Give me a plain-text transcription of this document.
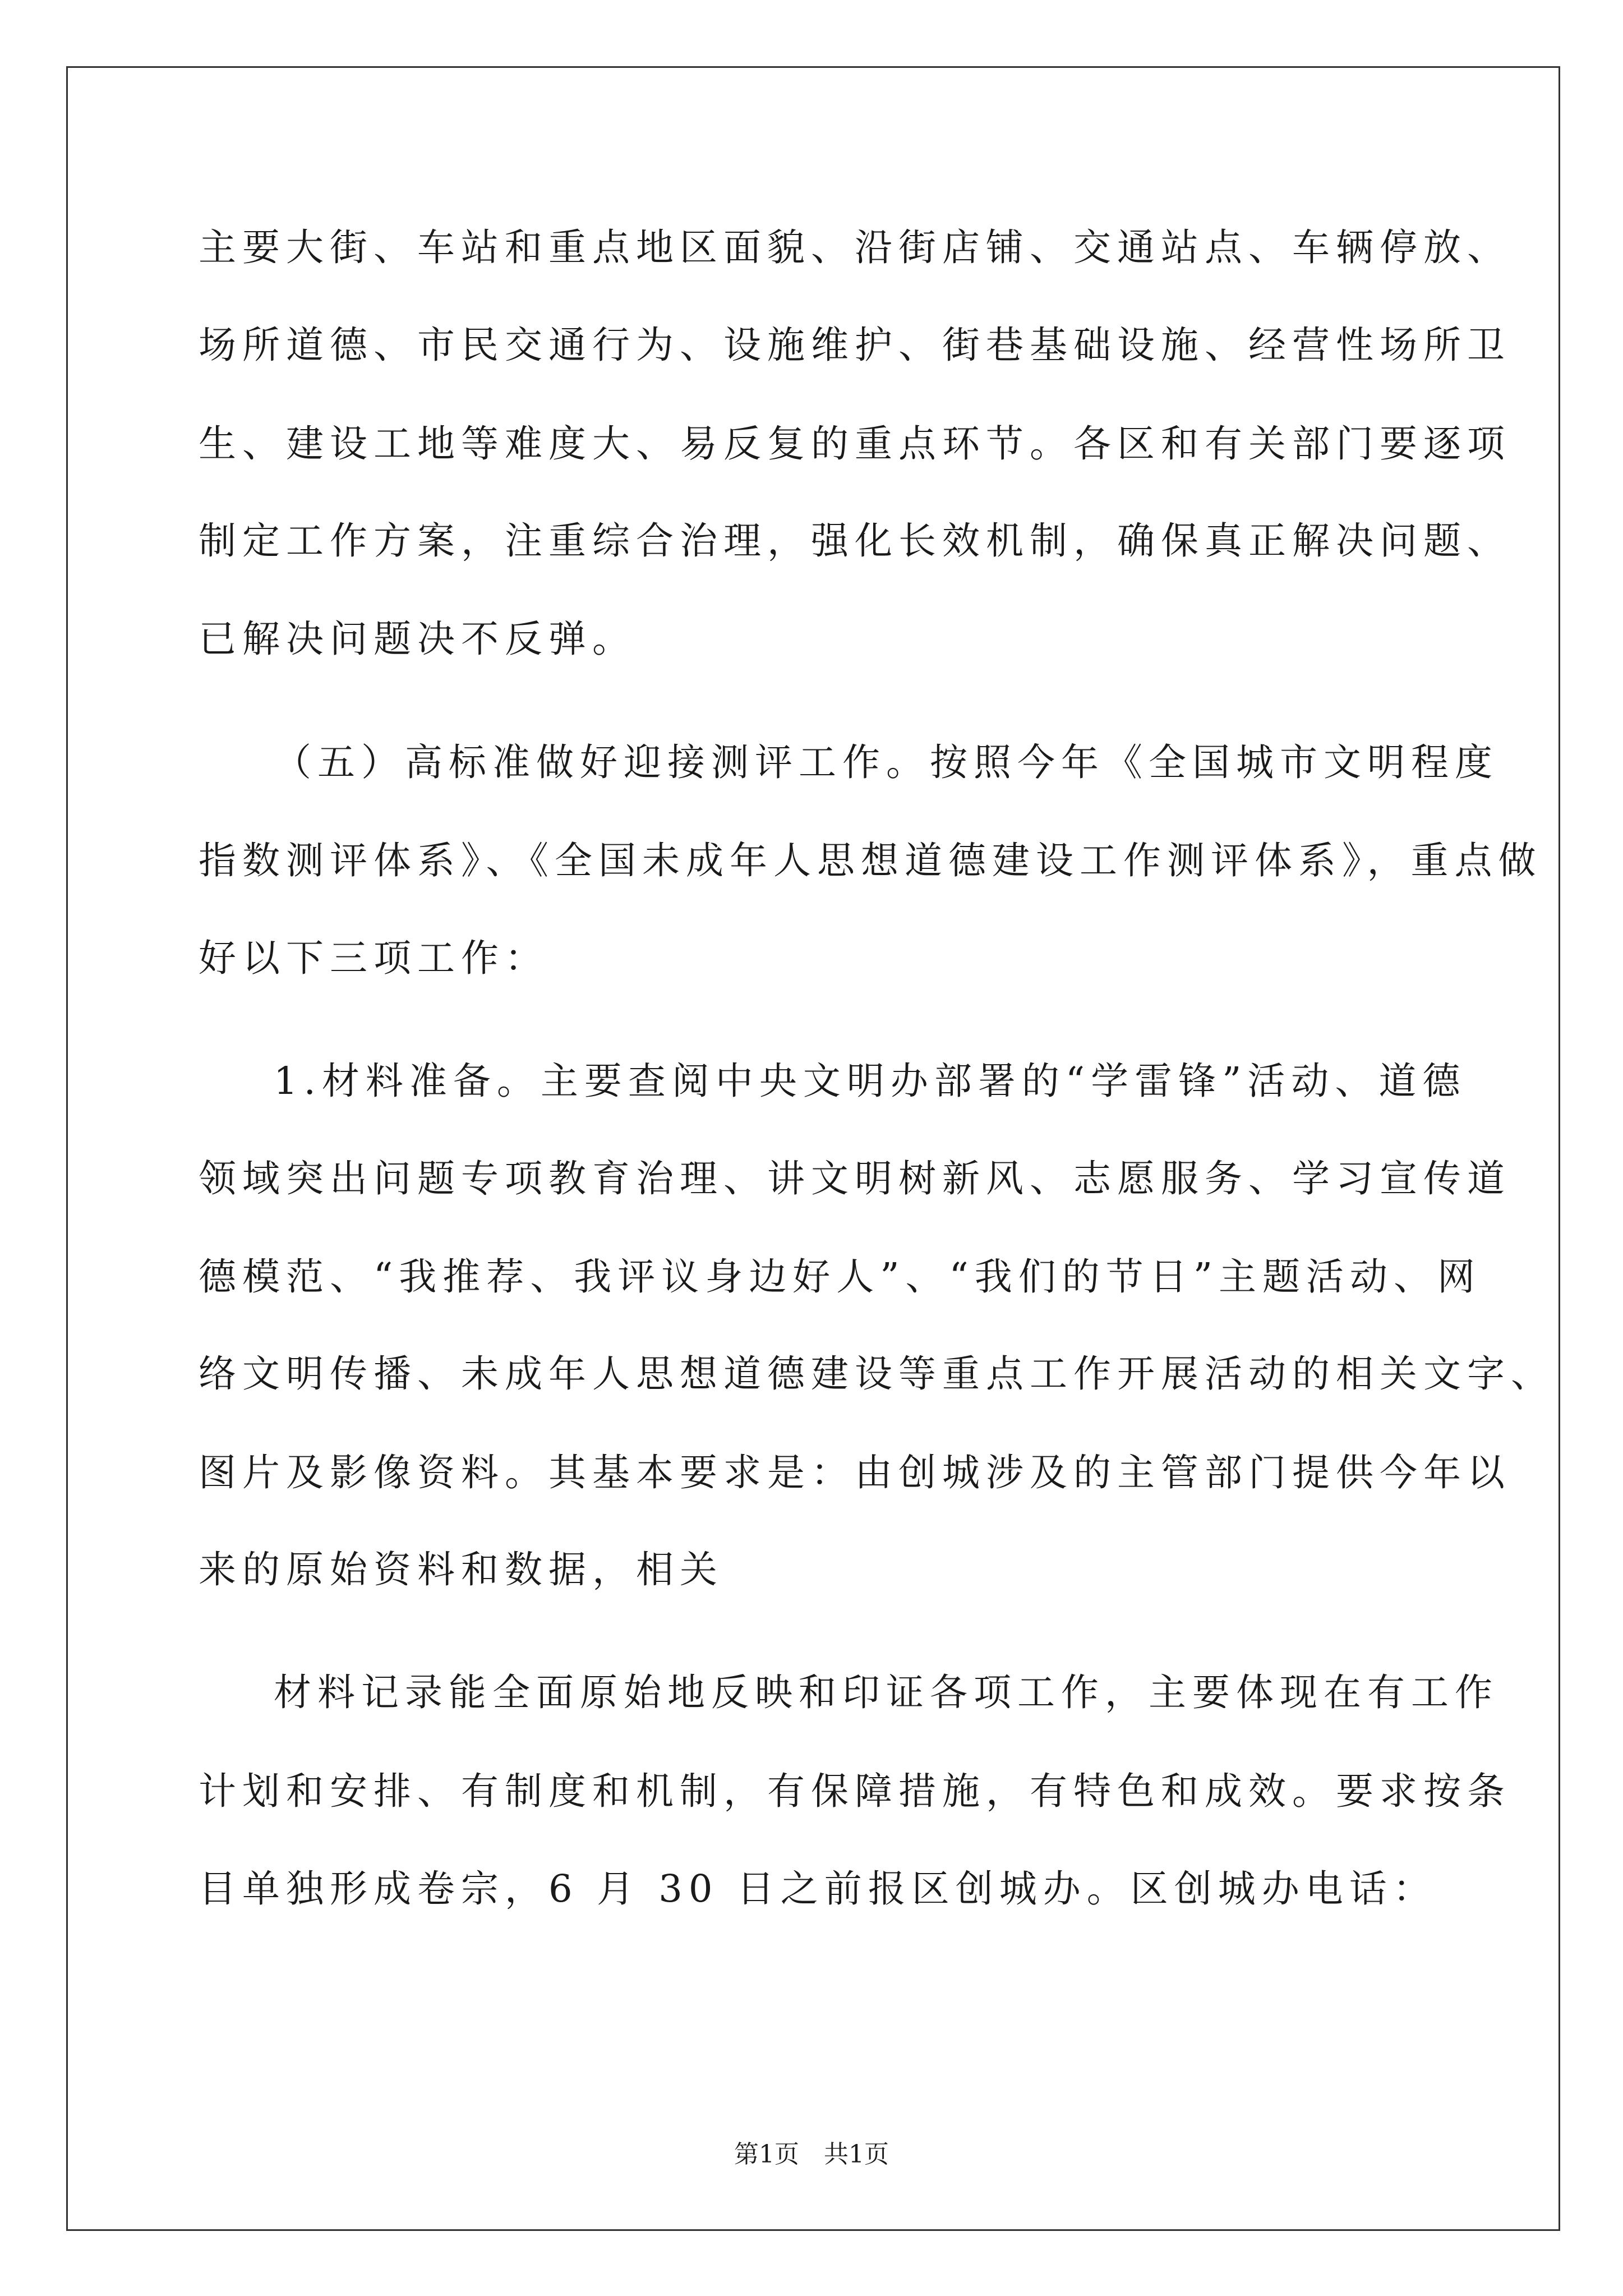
主要大街、车站和重点地区面貌、沿街店铺、交通站点、车辆停放、
场所道德、市民交通行为、设施维护、街巷基础设施、经营性场所卫
生、建设工地等难度大、易反复的重点环节。各区和有关部门要逐项
制定工作方案，注重综合治理，强化长效机制，确保真正解决问题、
已解决问题决不反弹。
（五）高标准做好迎接测评工作。按照今年《全国城市文明程度
指数测评体系》、《全国未成年人思想道德建设工作测评体系》，重点做
好以下三项工作：
1.材料准备。主要查阅中央文明办部署的“学雷锋”活动、道德
领域突出问题专项教育治理、讲文明树新风、志愿服务、学习宣传道
德模范、“我推荐、我评议身边好人”、“我们的节日”主题活动、网
络文明传播、未成年人思想道德建设等重点工作开展活动的相关文字、
图片及影像资料。其基本要求是：由创城涉及的主管部门提供今年以
来的原始资料和数据，相关
材料记录能全面原始地反映和印证各项工作，主要体现在有工作
计划和安排、有制度和机制，有保障措施，有特色和成效。要求按条
目单独形成卷宗，6 月 30 日之前报区创城办。区创城办电话：
第1页　共1页
